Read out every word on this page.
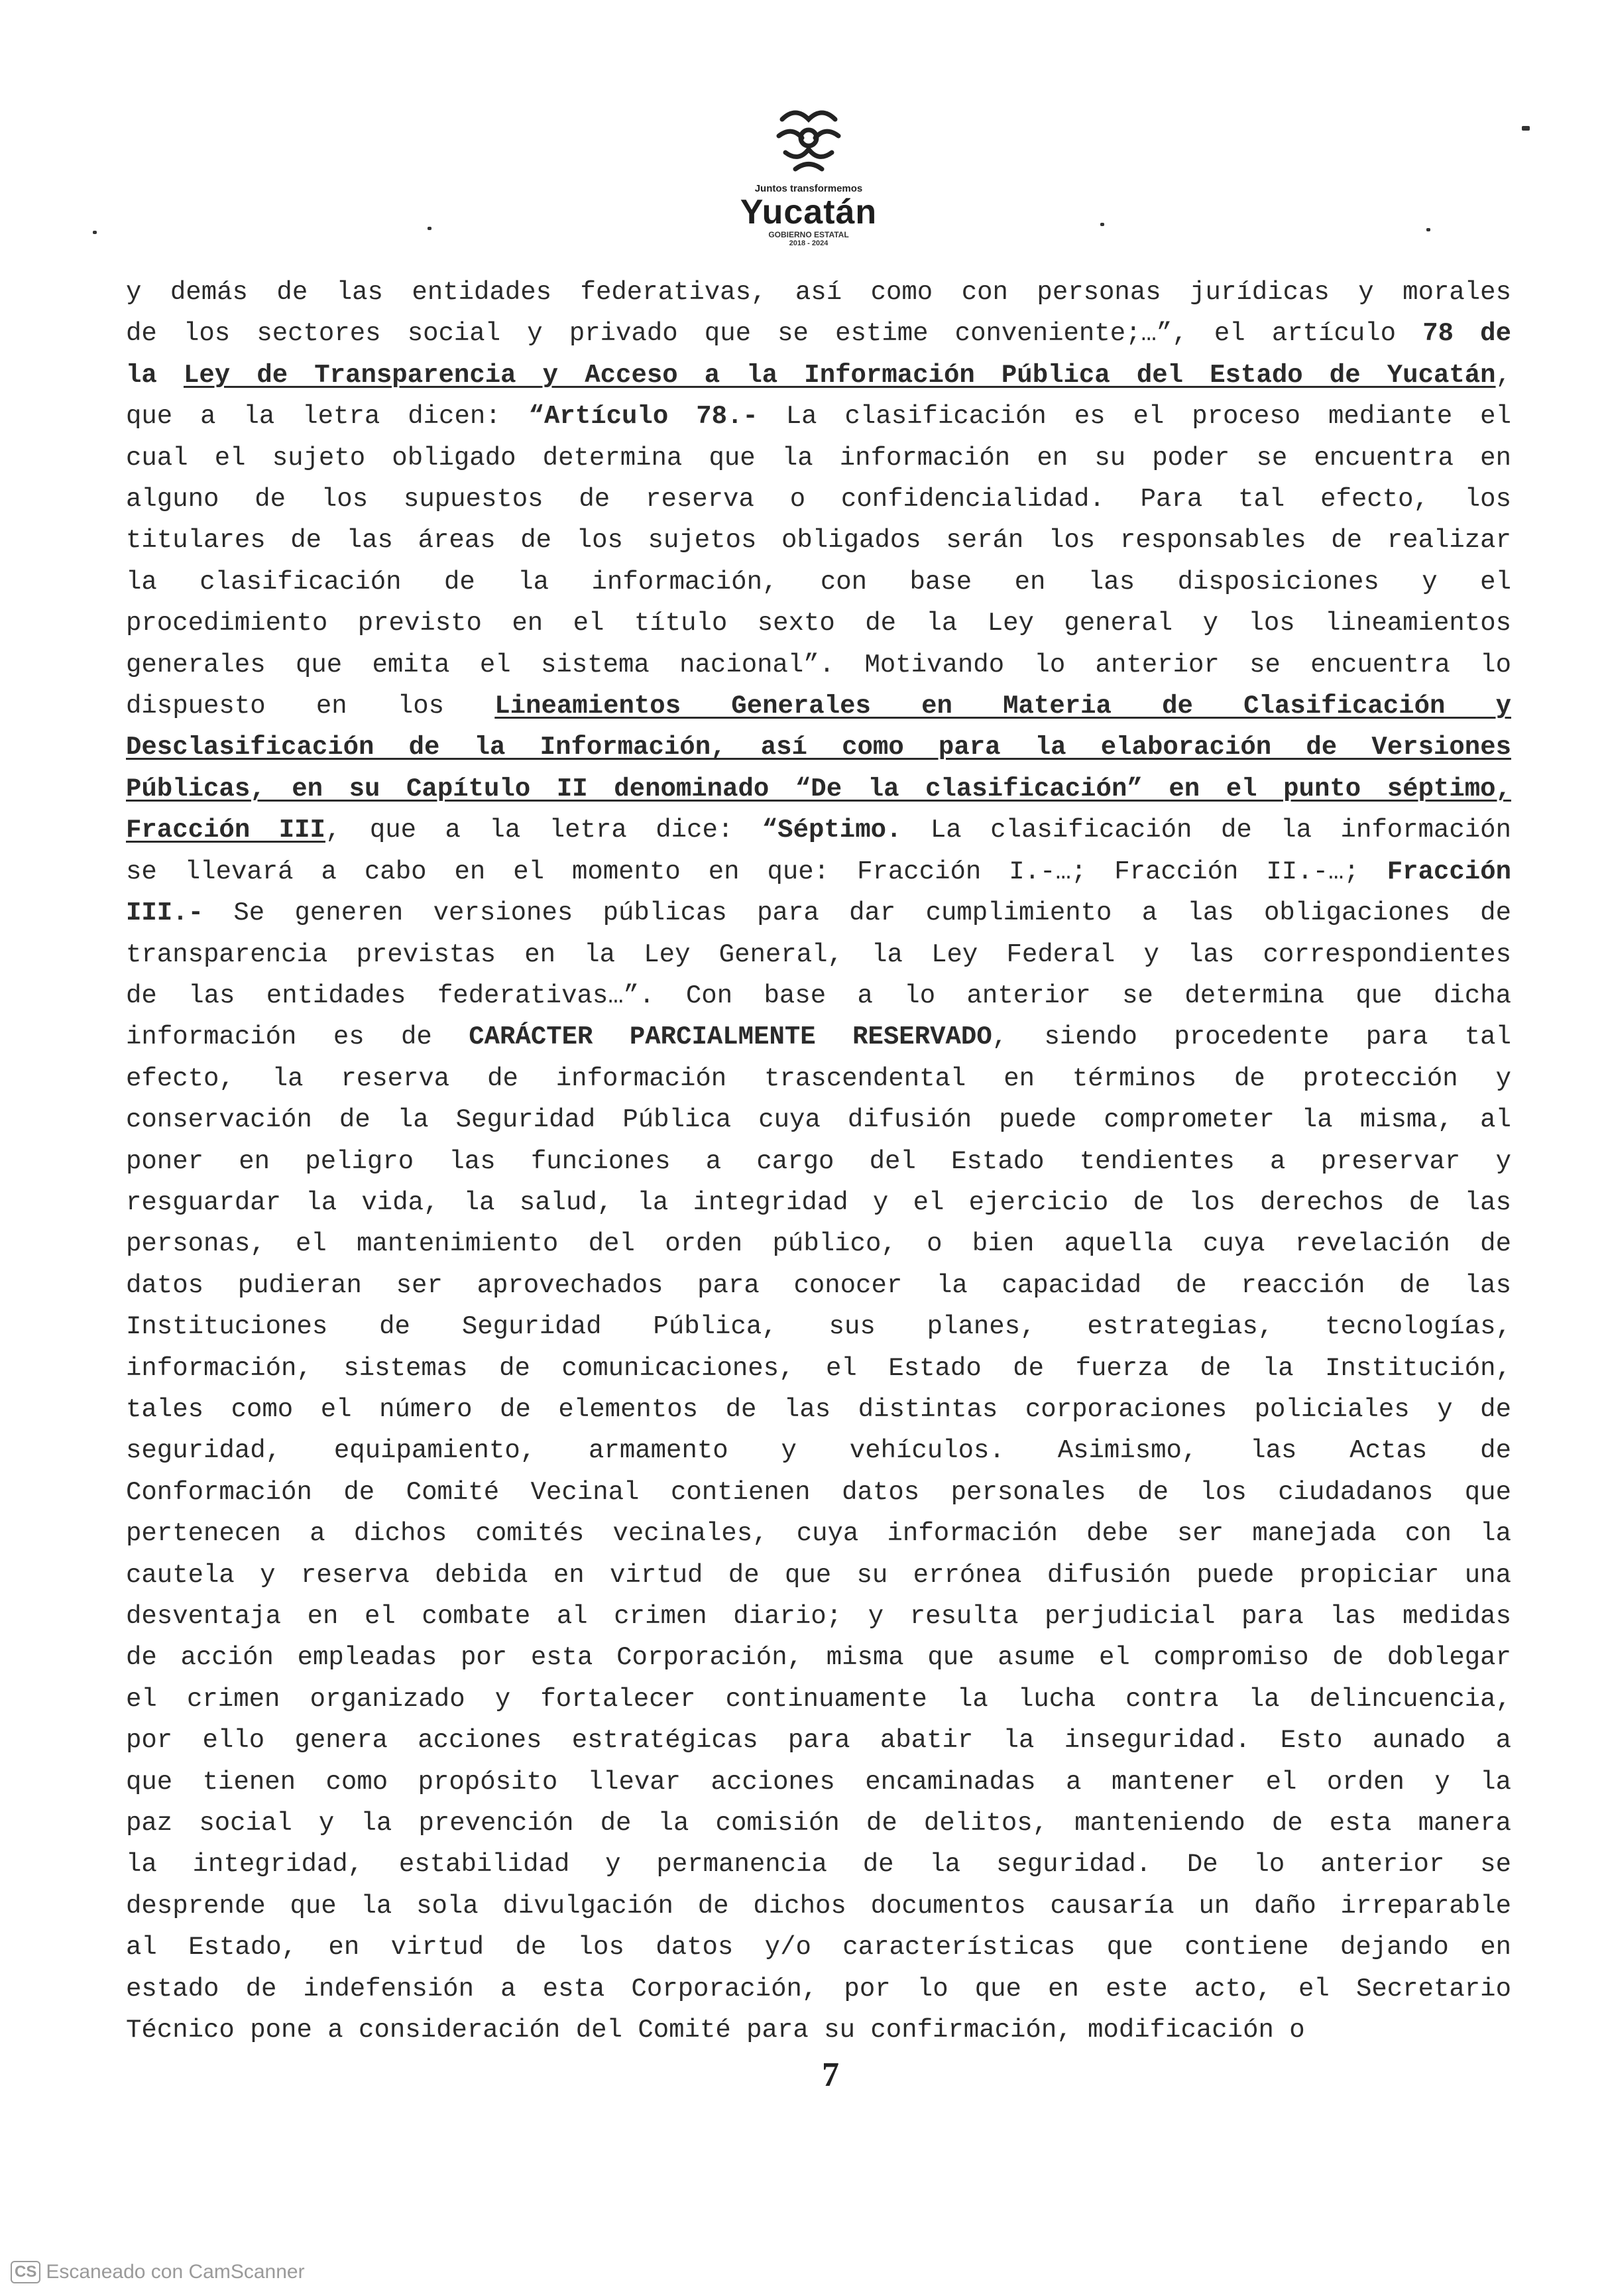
Juntos transformemos
Yucatán
GOBIERNO ESTATAL
2018 - 2024
y demás de las entidades federativas, así como con personas jurídicas y morales
de los sectores social y privado que se estime conveniente;…”, el artículo 78 de
la Ley de Transparencia y Acceso a la Información Pública del Estado de Yucatán,
que a la letra dicen: “Artículo 78.- La clasificación es el proceso mediante el
cual el sujeto obligado determina que la información en su poder se encuentra en
alguno de los supuestos de reserva o confidencialidad. Para tal efecto, los
titulares de las áreas de los sujetos obligados serán los responsables de realizar
la clasificación de la información, con base en las disposiciones y el
procedimiento previsto en el título sexto de la Ley general y los lineamientos
generales que emita el sistema nacional”. Motivando lo anterior se encuentra lo
dispuesto en los Lineamientos Generales en Materia de Clasificación y
Desclasificación de la Información, así como para la elaboración de Versiones
Públicas, en su Capítulo II denominado “De la clasificación” en el punto séptimo,
Fracción III, que a la letra dice: “Séptimo. La clasificación de la información
se llevará a cabo en el momento en que: Fracción I.-…; Fracción II.-…; Fracción
III.- Se generen versiones públicas para dar cumplimiento a las obligaciones de
transparencia previstas en la Ley General, la Ley Federal y las correspondientes
de las entidades federativas…”. Con base a lo anterior se determina que dicha
información es de CARÁCTER PARCIALMENTE RESERVADO, siendo procedente para tal
efecto, la reserva de información trascendental en términos de protección y
conservación de la Seguridad Pública cuya difusión puede comprometer la misma, al
poner en peligro las funciones a cargo del Estado tendientes a preservar y
resguardar la vida, la salud, la integridad y el ejercicio de los derechos de las
personas, el mantenimiento del orden público, o bien aquella cuya revelación de
datos pudieran ser aprovechados para conocer la capacidad de reacción de las
Instituciones de Seguridad Pública, sus planes, estrategias, tecnologías,
información, sistemas de comunicaciones, el Estado de fuerza de la Institución,
tales como el número de elementos de las distintas corporaciones policiales y de
seguridad, equipamiento, armamento y vehículos. Asimismo, las Actas de
Conformación de Comité Vecinal contienen datos personales de los ciudadanos que
pertenecen a dichos comités vecinales, cuya información debe ser manejada con la
cautela y reserva debida en virtud de que su errónea difusión puede propiciar una
desventaja en el combate al crimen diario; y resulta perjudicial para las medidas
de acción empleadas por esta Corporación, misma que asume el compromiso de doblegar
el crimen organizado y fortalecer continuamente la lucha contra la delincuencia,
por ello genera acciones estratégicas para abatir la inseguridad. Esto aunado a
que tienen como propósito llevar acciones encaminadas a mantener el orden y la
paz social y la prevención de la comisión de delitos, manteniendo de esta manera
la integridad, estabilidad y permanencia de la seguridad. De lo anterior se
desprende que la sola divulgación de dichos documentos causaría un daño irreparable
al Estado, en virtud de los datos y/o características que contiene dejando en
estado de indefensión a esta Corporación, por lo que en este acto, el Secretario
Técnico pone a consideración del Comité para su confirmación, modificación o
7
CS Escaneado con CamScanner
